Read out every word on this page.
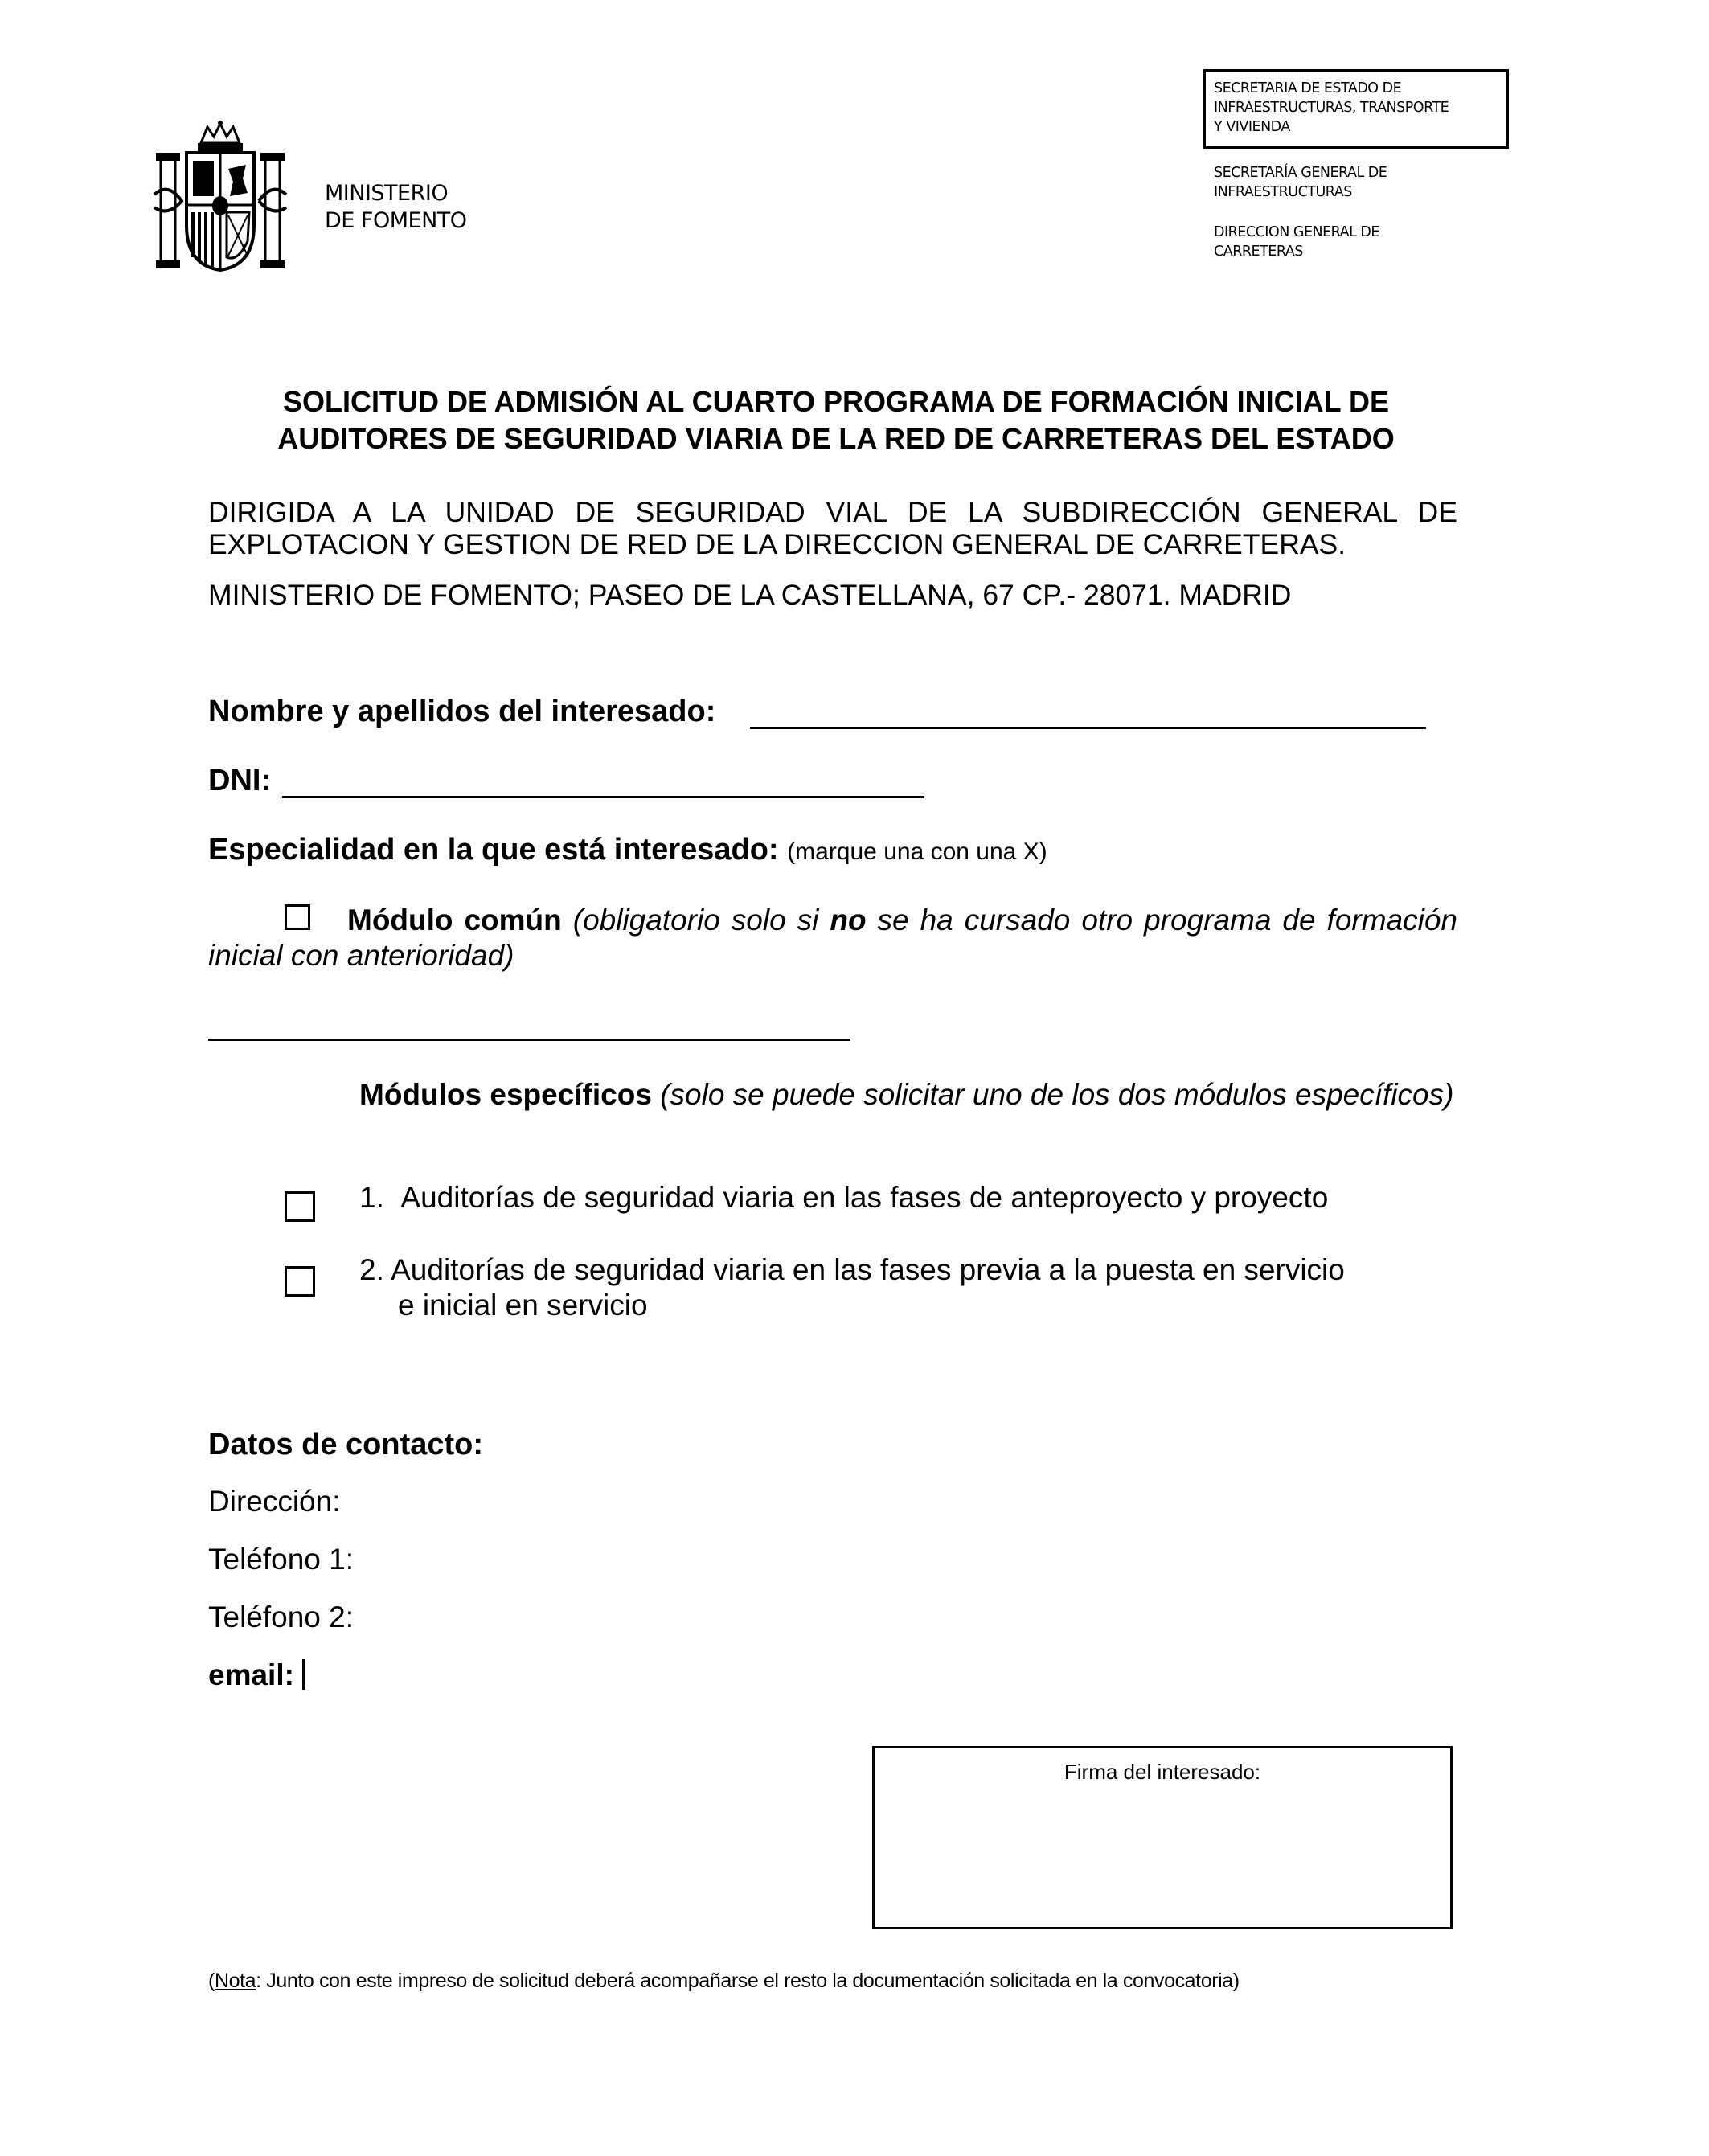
MINISTERIO
DE FOMENTO
SECRETARIA DE ESTADO DE
INFRAESTRUCTURAS, TRANSPORTE
Y VIVIENDA
SECRETARÍA GENERAL DE
INFRAESTRUCTURAS
DIRECCION GENERAL DE
CARRETERAS
SOLICITUD DE ADMISIÓN AL CUARTO PROGRAMA DE FORMACIÓN INICIAL DE
AUDITORES DE SEGURIDAD VIARIA DE LA RED DE CARRETERAS DEL ESTADO
DIRIGIDA A LA UNIDAD DE SEGURIDAD VIAL DE LA SUBDIRECCIÓN GENERAL DE EXPLOTACION Y GESTION DE RED DE LA DIRECCION GENERAL DE CARRETERAS.
MINISTERIO DE FOMENTO; PASEO DE LA CASTELLANA, 67 CP.- 28071. MADRID
Nombre y apellidos del interesado:
DNI:
Especialidad en la que está interesado: (marque una con una X)
Módulo común (obligatorio solo si no se ha cursado otro programa de formación inicial con anterioridad)
Módulos específicos (solo se puede solicitar uno de los dos módulos específicos)
1. Auditorías de seguridad viaria en las fases de anteproyecto y proyecto
2. Auditorías de seguridad viaria en las fases previa a la puesta en servicio
e inicial en servicio
Datos de contacto:
Dirección:
Teléfono 1:
Teléfono 2:
email:
Firma del interesado:
(Nota: Junto con este impreso de solicitud deberá acompañarse el resto la documentación solicitada en la convocatoria)
